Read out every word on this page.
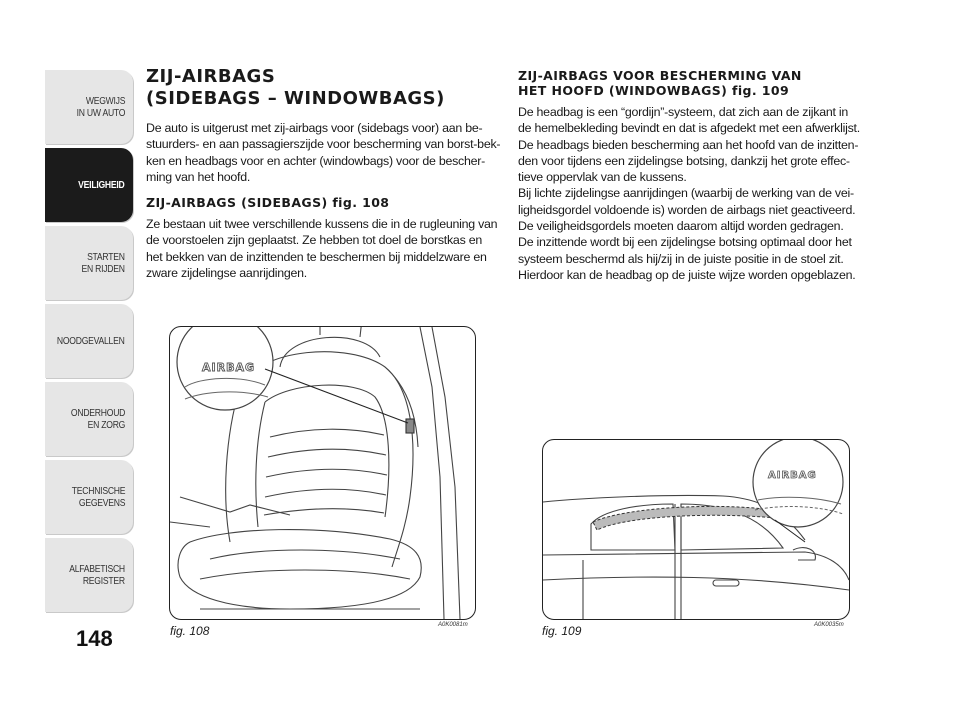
WEGWIJS
IN UW AUTO
VEILIGHEID
STARTEN
EN RIJDEN
NOODGEVALLEN
ONDERHOUD
EN ZORG
TECHNISCHE
GEGEVENS
ALFABETISCH
REGISTER
148
ZIJ-AIRBAGS
(SIDEBAGS – WINDOWBAGS)
De auto is uitgerust met zij-airbags voor (sidebags voor) aan be-
stuurders- en aan passagierszijde voor bescherming van borst-bek-
ken en headbags voor en achter (windowbags) voor de bescher-
ming van het hoofd.
ZIJ-AIRBAGS (SIDEBAGS) fig. 108
Ze bestaan uit twee verschillende kussens die in de rugleuning van
de voorstoelen zijn geplaatst. Ze hebben tot doel de borstkas en
het bekken van de inzittenden te beschermen bij middelzware en
zware zijdelingse aanrijdingen.
ZIJ-AIRBAGS VOOR BESCHERMING VAN
HET HOOFD (WINDOWBAGS) fig. 109
De headbag is een “gordijn”-systeem, dat zich aan de zijkant in
de hemelbekleding bevindt en dat is afgedekt met een afwerklijst.
De headbags bieden bescherming aan het hoofd van de inzitten-
den voor tijdens een zijdelingse botsing, dankzij het grote effec-
tieve oppervlak van de kussens.
Bij lichte zijdelingse aanrijdingen (waarbij de werking van de vei-
ligheidsgordel voldoende is) worden de airbags niet geactiveerd.
De veiligheidsgordels moeten daarom altijd worden gedragen.
De inzittende wordt bij een zijdelingse botsing optimaal door het
systeem beschermd als hij/zij in de juiste positie in de stoel zit.
Hierdoor kan de headbag op de juiste wijze worden opgeblazen.
AIRBAG
fig. 108	A0K0081m
AIRBAG
fig. 109	A0K0035m
